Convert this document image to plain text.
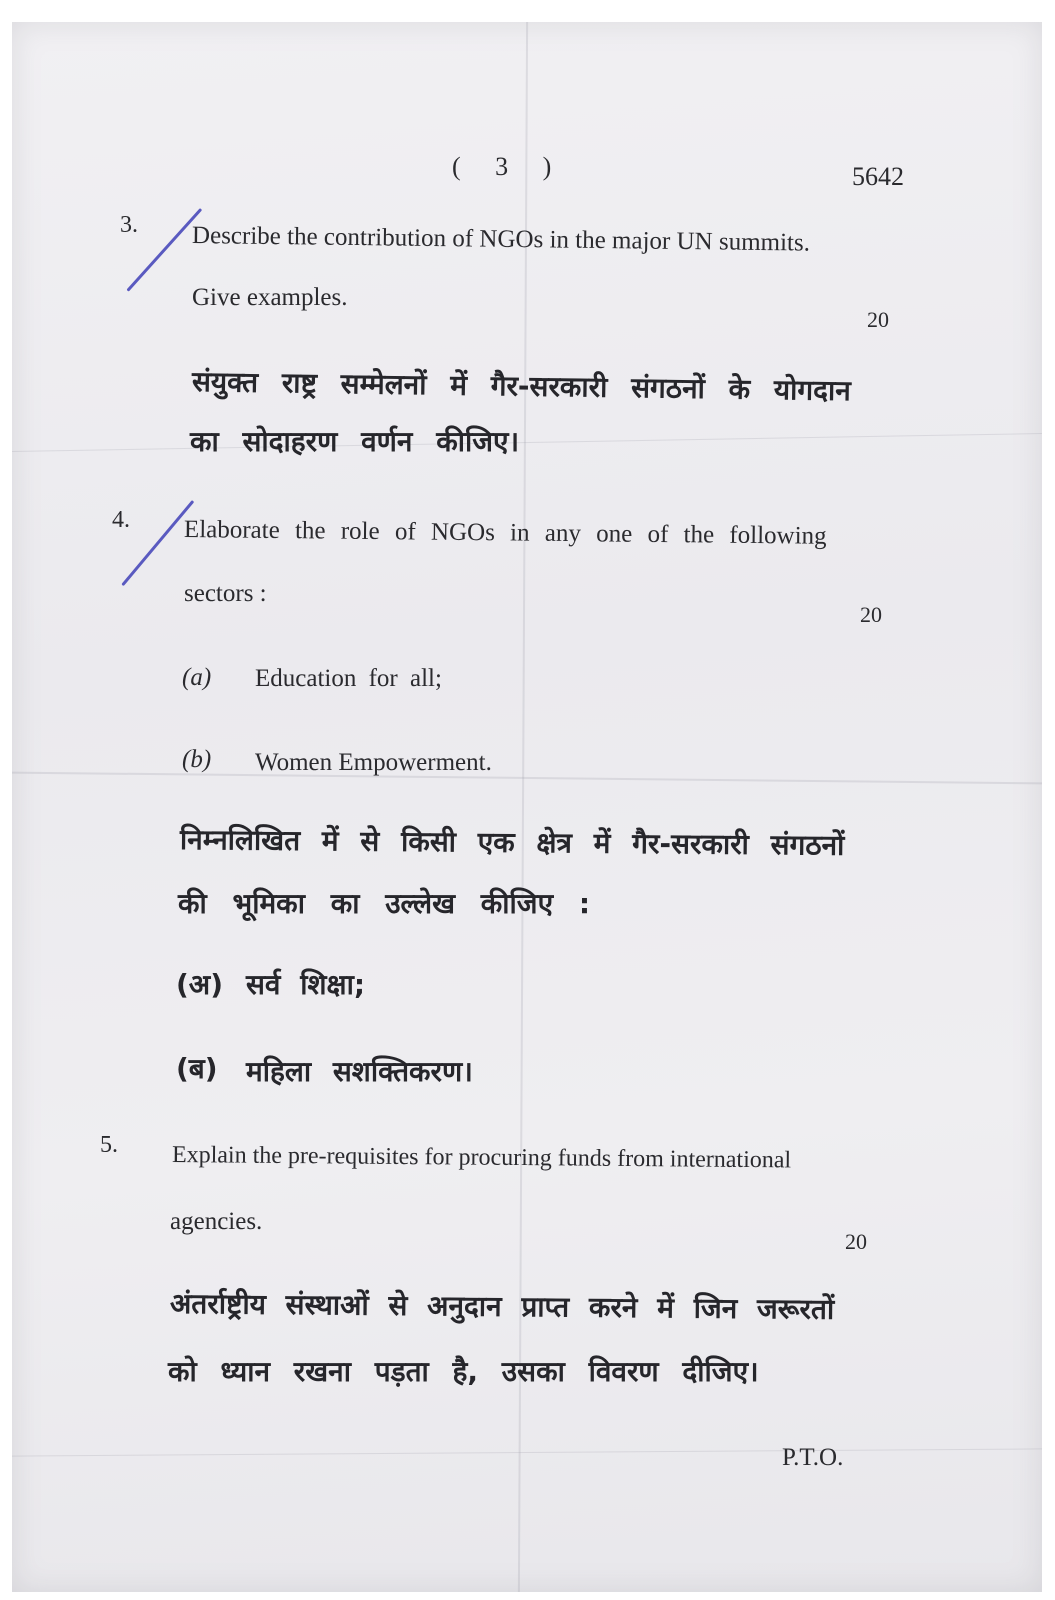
( 3 )	5642
3. Describe the contribution of NGOs in the major UN summits.
Give examples.
20
संयुक्त राष्ट्र सम्मेलनों में गैर-सरकारी संगठनों के योगदान
का सोदाहरण वर्णन कीजिए।
4. Elaborate the role of NGOs in any one of the following
sectors :
20
(a) Education for all;
(b) Women Empowerment.
निम्नलिखित में से किसी एक क्षेत्र में गैर-सरकारी संगठनों
की भूमिका का उल्लेख कीजिए :
(अ) सर्व शिक्षा;
(ब) महिला सशक्तिकरण।
5. Explain the pre-requisites for procuring funds from international
agencies.
20
अंतर्राष्ट्रीय संस्थाओं से अनुदान प्राप्त करने में जिन जरूरतों
को ध्यान रखना पड़ता है, उसका विवरण दीजिए।
P.T.O.
